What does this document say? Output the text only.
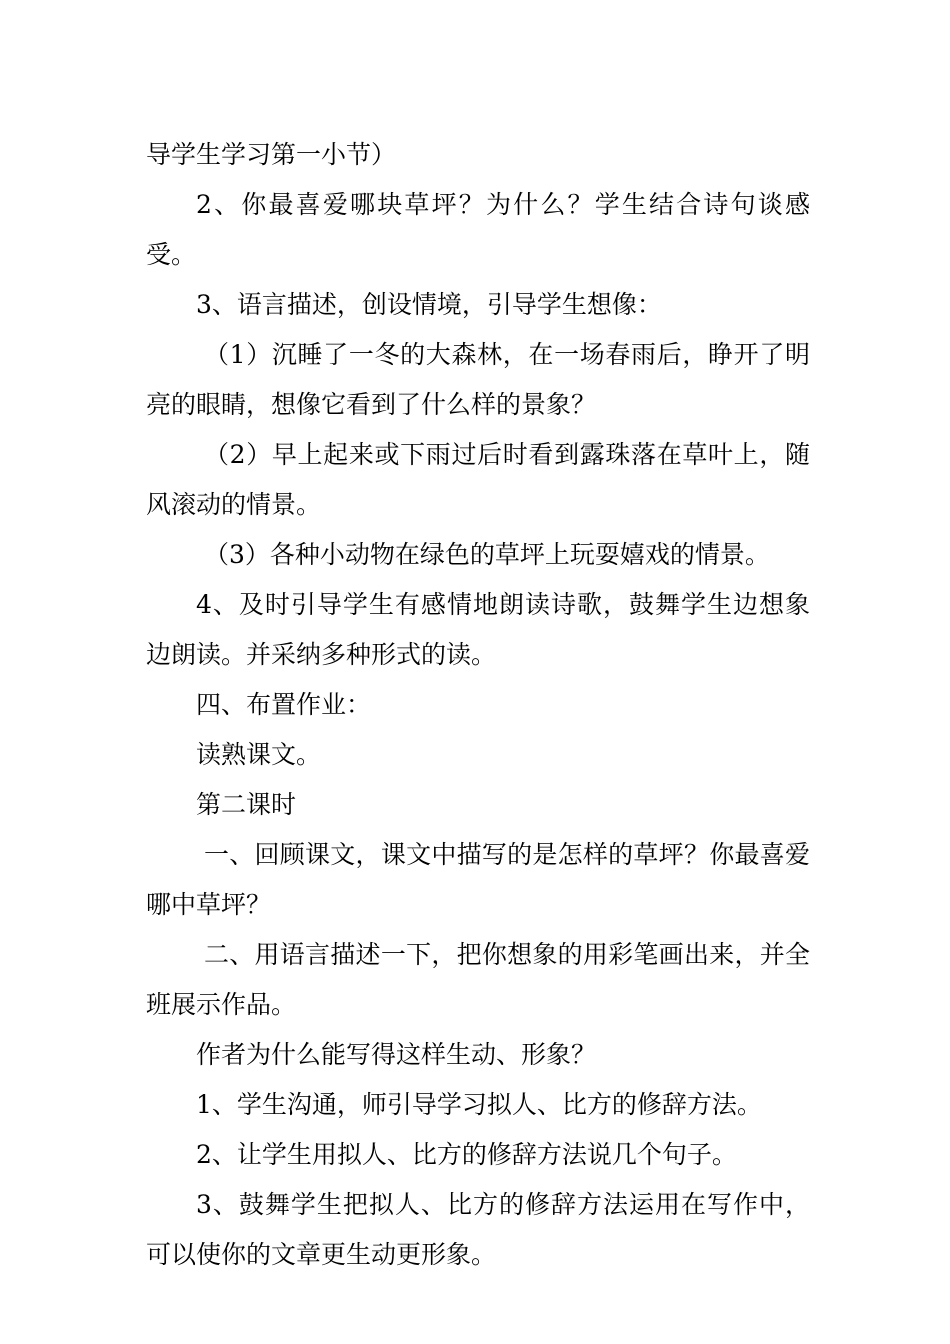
导学生学习第一小节）

2、你最喜爱哪块草坪？为什么？学生结合诗句谈感受。

3、语言描述，创设情境，引导学生想像：

（1）沉睡了一冬的大森林，在一场春雨后，睁开了明亮的眼睛，想像它看到了什么样的景象？

（2）早上起来或下雨过后时看到露珠落在草叶上，随风滚动的情景。

（3）各种小动物在绿色的草坪上玩耍嬉戏的情景。

4、及时引导学生有感情地朗读诗歌，鼓舞学生边想象边朗读。并采纳多种形式的读。

四、布置作业：

读熟课文。

第二课时

一、回顾课文，课文中描写的是怎样的草坪？你最喜爱哪中草坪？

二、用语言描述一下，把你想象的用彩笔画出来，并全班展示作品。

作者为什么能写得这样生动、形象？

1、学生沟通，师引导学习拟人、比方的修辞方法。

2、让学生用拟人、比方的修辞方法说几个句子。

3、鼓舞学生把拟人、比方的修辞方法运用在写作中，可以使你的文章更生动更形象。
